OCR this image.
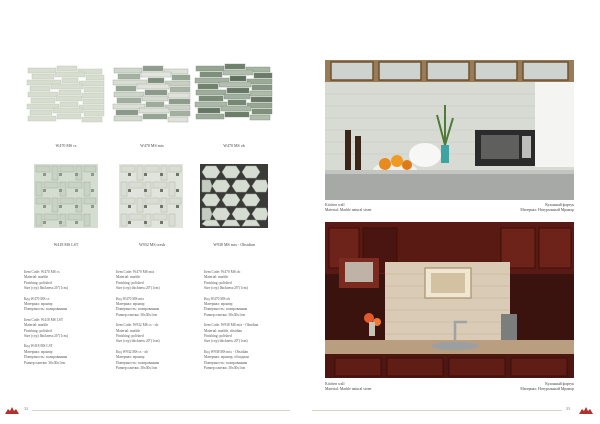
W470 MS cs	W470 MS mix	W470 MS ob
W418 MS LST	W932 MS cresh	W938 MS mix - Obsidian
Item Code: W470 MS cs
Material: marble
Finishing: polished
Size (cvp) Ihickness:20"(1cm)
Код W470 MS cs
Материал: мрамор
Поверхность: полированная
Item Code: W418 MS LST
Material: marble
Finishing: polished
Size (cvp) Ihickness:20"(1cm)
Код W418 MS LST
Материал: мрамор
Поверхность: полированная
Размер плитки: 30x30x1cm
Item Code: W470 MS mix
Material: marble
Finishing: polished
Size (cvp) thickness:20"(1cm)
Код W470 MS mix
Материал: мрамор
Поверхность: полированная
Размер плитки: 30x30x1cm
Item Code: W932 MS cs - ob
Material: marble
Finishing: polished
Size (cvp) thickness:20"(1cm)
Код W932 MS cs - ob
Материал: мрамор
Поверхность: полированная
Размер плитки: 30x30x1cm
Item Code: W470 MS ob
Material: marble
Finishing: polished
Size (cvp) Ihickness:20"(1cm)
Код W470 MS ob
Материал: мрамор
Поверхность: полированная
Размер плитки: 30x30x1cm
Item Code: W938 MS mix - Obsidian
Material: marble, obsidian
Finishing: polished
Size (cvp) thickness:20"(1cm)
Код W938 MS mix - Obsidian
Материал: мрамор, обсидиан
Поверхность: полированная
Размер плитки: 30x30x1cm
32
Kitchen wall
Material: Marble natural stone
Кухонный фартук
Материал: Натуральный Мрамор
Kitchen wall
Material: Marble natural stone
Кухонный фартук
Материал: Натуральный Мрамор
33
